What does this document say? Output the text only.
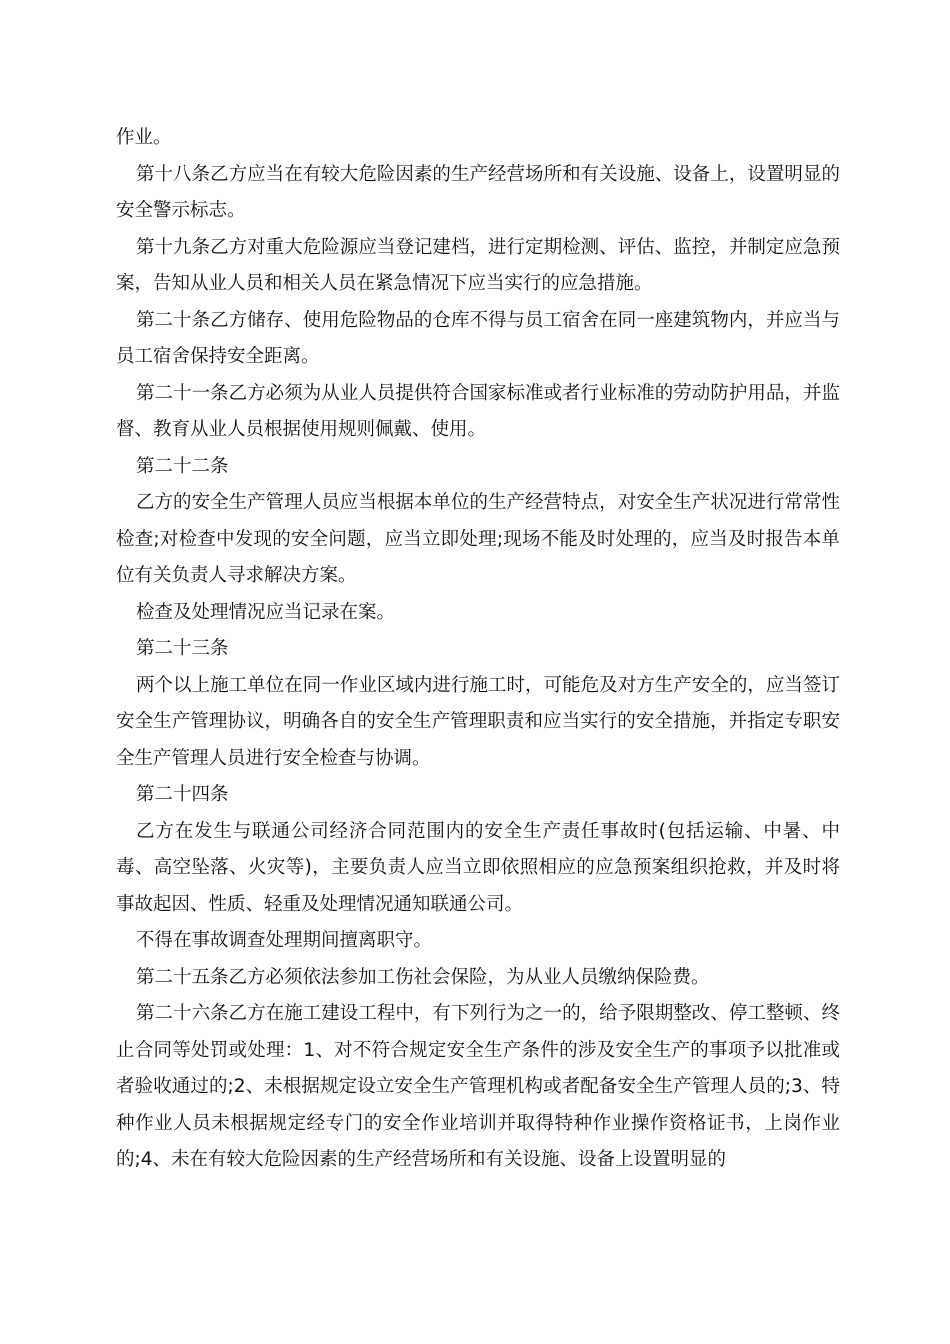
作业。

第十八条乙方应当在有较大危险因素的生产经营场所和有关设施、设备上，设置明显的安全警示标志。

第十九条乙方对重大危险源应当登记建档，进行定期检测、评估、监控，并制定应急预案，告知从业人员和相关人员在紧急情况下应当实行的应急措施。

第二十条乙方储存、使用危险物品的仓库不得与员工宿舍在同一座建筑物内，并应当与员工宿舍保持安全距离。

第二十一条乙方必须为从业人员提供符合国家标准或者行业标准的劳动防护用品，并监督、教育从业人员根据使用规则佩戴、使用。

第二十二条

乙方的安全生产管理人员应当根据本单位的生产经营特点，对安全生产状况进行常常性检查;对检查中发现的安全问题，应当立即处理;现场不能及时处理的，应当及时报告本单位有关负责人寻求解决方案。

检查及处理情况应当记录在案。

第二十三条

两个以上施工单位在同一作业区域内进行施工时，可能危及对方生产安全的，应当签订安全生产管理协议，明确各自的安全生产管理职责和应当实行的安全措施，并指定专职安全生产管理人员进行安全检查与协调。

第二十四条

乙方在发生与联通公司经济合同范围内的安全生产责任事故时(包括运输、中暑、中毒、高空坠落、火灾等)，主要负责人应当立即依照相应的应急预案组织抢救，并及时将事故起因、性质、轻重及处理情况通知联通公司。

不得在事故调查处理期间擅离职守。

第二十五条乙方必须依法参加工伤社会保险，为从业人员缴纳保险费。

第二十六条乙方在施工建设工程中，有下列行为之一的，给予限期整改、停工整顿、终止合同等处罚或处理：1、对不符合规定安全生产条件的涉及安全生产的事项予以批准或者验收通过的;2、未根据规定设立安全生产管理机构或者配备安全生产管理人员的;3、特种作业人员未根据规定经专门的安全作业培训并取得特种作业操作资格证书，上岗作业的;4、未在有较大危险因素的生产经营场所和有关设施、设备上设置明显的
